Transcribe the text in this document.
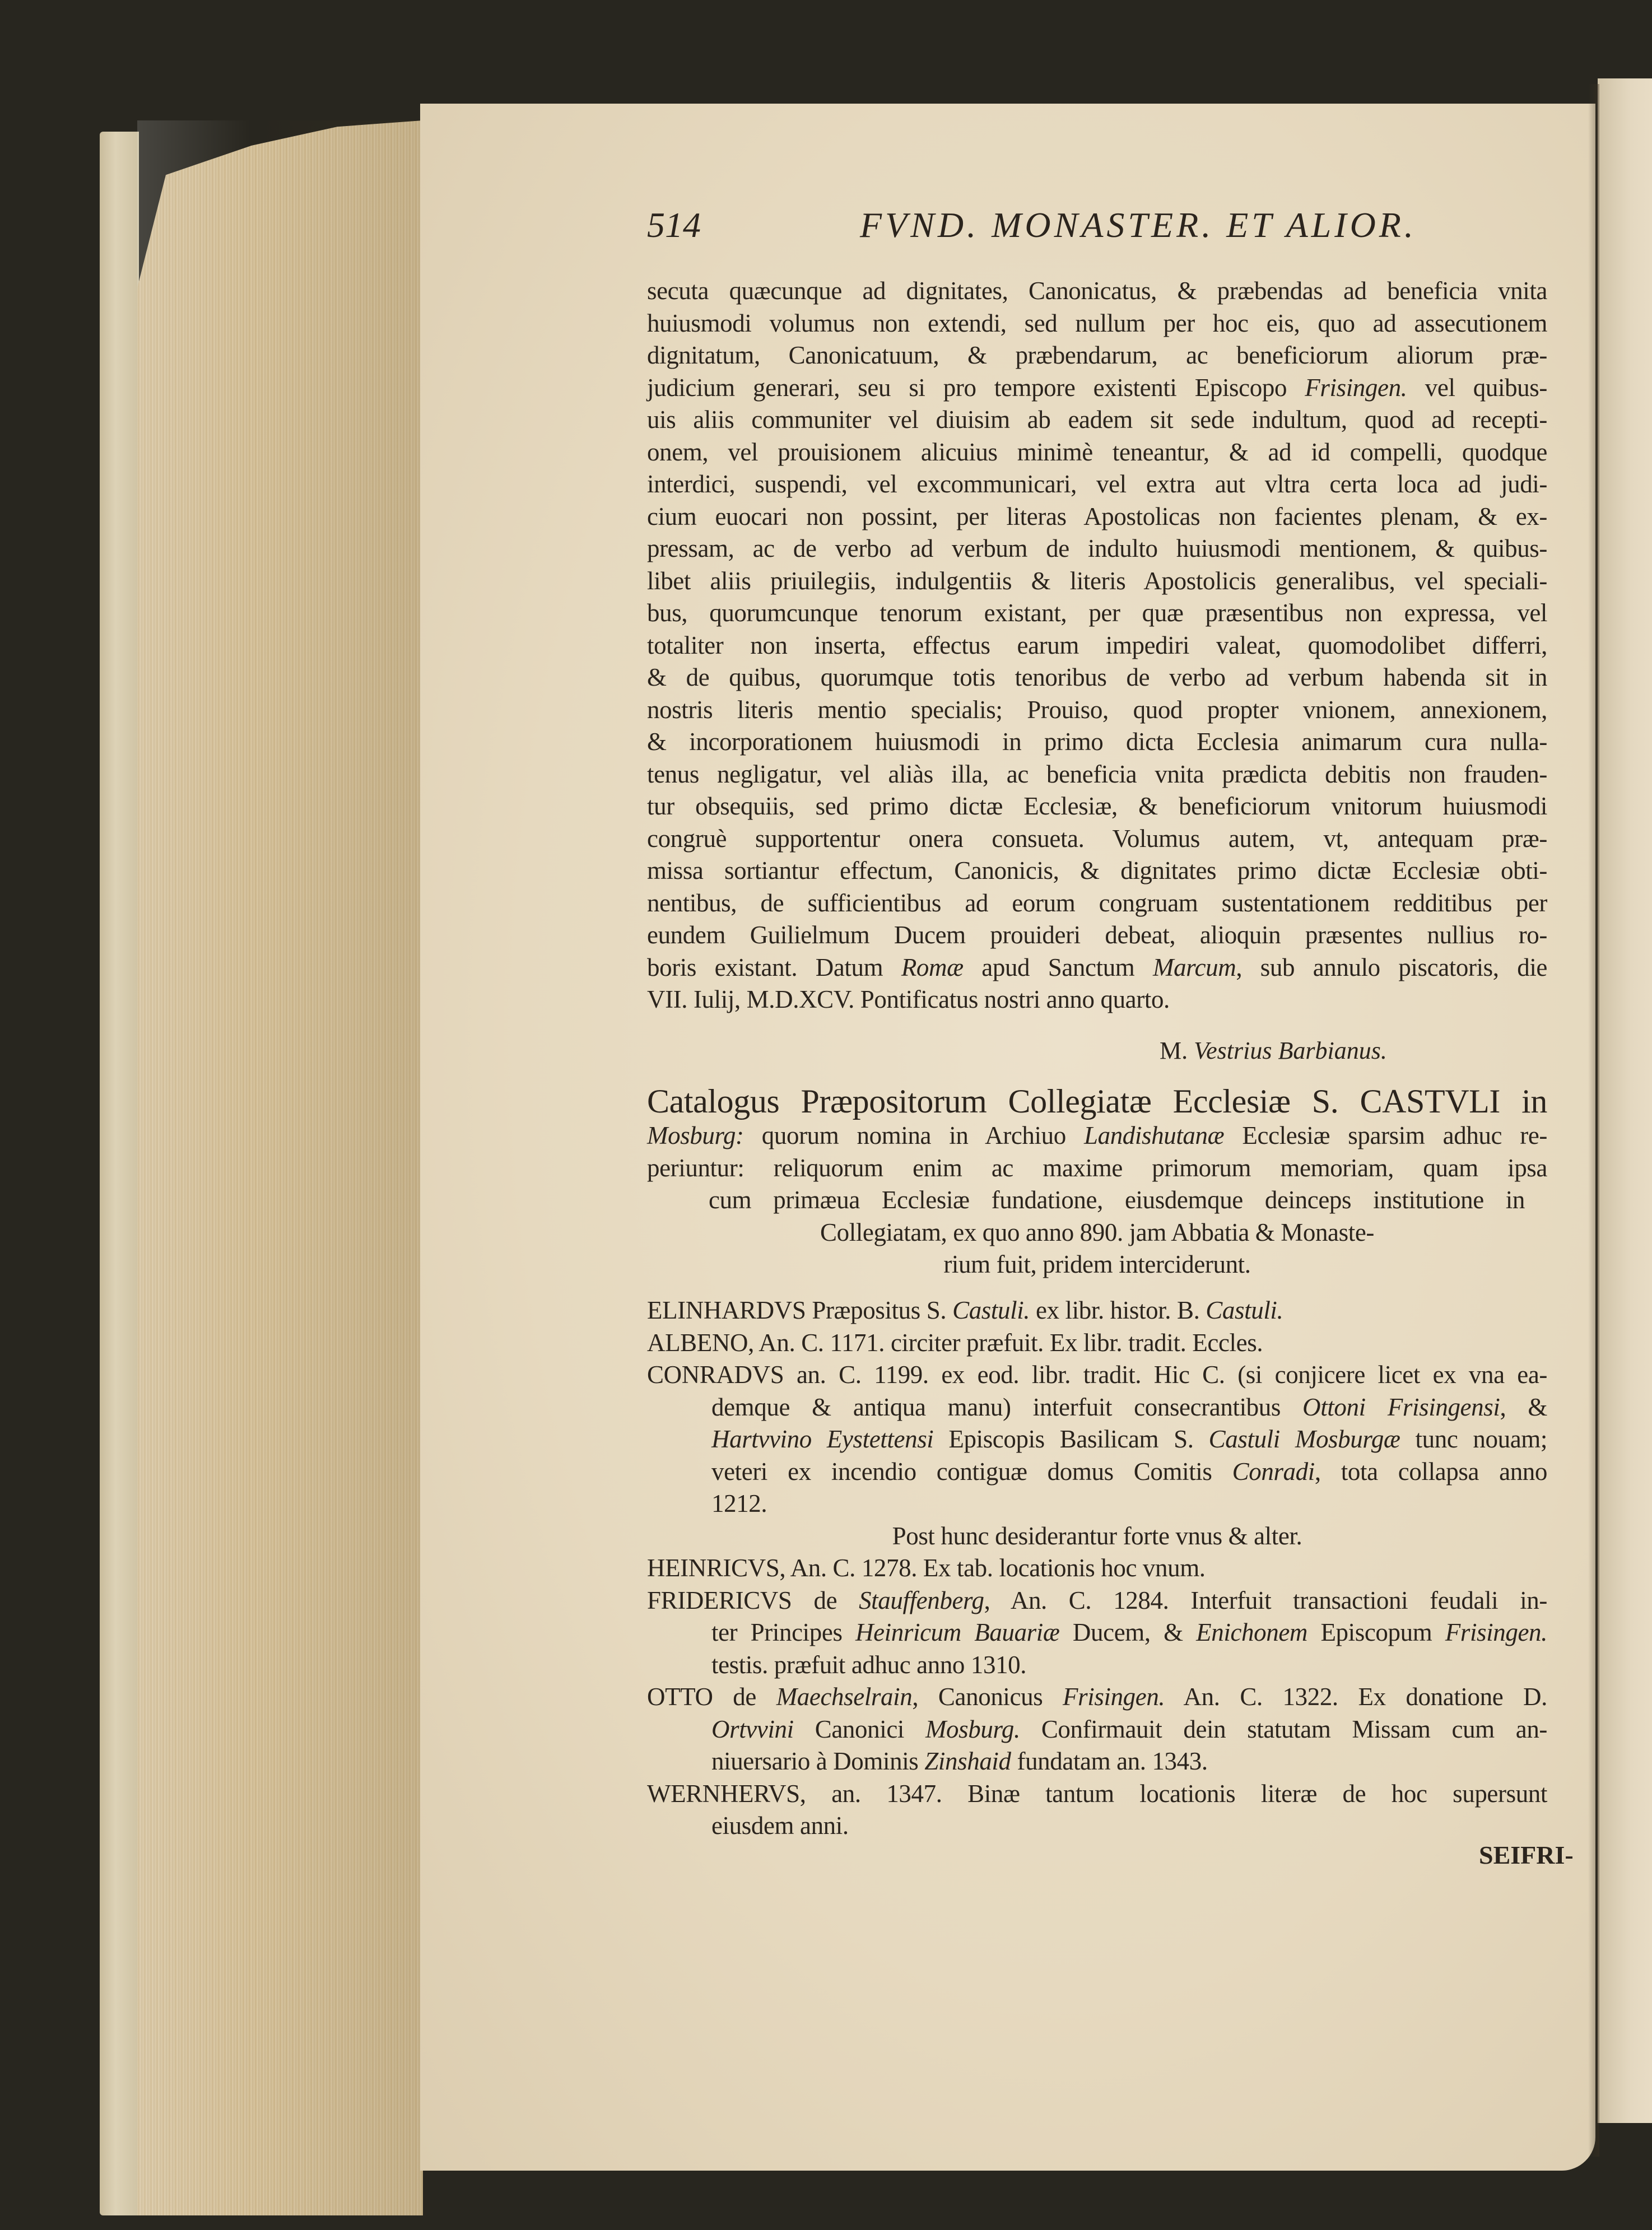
514	FVND. MONASTER. ET ALIOR.
secuta quæcunque ad dignitates, Canonicatus, & præbendas ad beneficia vnita
huiusmodi volumus non extendi, sed nullum per hoc eis, quo ad assecutionem
dignitatum, Canonicatuum, & præbendarum, ac beneficiorum aliorum præ-
judicium generari, seu si pro tempore existenti Episcopo Frisingen. vel quibus-
uis aliis communiter vel diuisim ab eadem sit sede indultum, quod ad recepti-
onem, vel prouisionem alicuius minimè teneantur, & ad id compelli, quodque
interdici, suspendi, vel excommunicari, vel extra aut vltra certa loca ad judi-
cium euocari non possint, per literas Apostolicas non facientes plenam, & ex-
pressam, ac de verbo ad verbum de indulto huiusmodi mentionem, & quibus-
libet aliis priuilegiis, indulgentiis & literis Apostolicis generalibus, vel speciali-
bus, quorumcunque tenorum existant, per quæ præsentibus non expressa, vel
totaliter non inserta, effectus earum impediri valeat, quomodolibet differri,
& de quibus, quorumque totis tenoribus de verbo ad verbum habenda sit in
nostris literis mentio specialis; Prouiso, quod propter vnionem, annexionem,
& incorporationem huiusmodi in primo dicta Ecclesia animarum cura nulla-
tenus negligatur, vel aliàs illa, ac beneficia vnita prædicta debitis non frauden-
tur obsequiis, sed primo dictæ Ecclesiæ, & beneficiorum vnitorum huiusmodi
congruè supportentur onera consueta. Volumus autem, vt, antequam præ-
missa sortiantur effectum, Canonicis, & dignitates primo dictæ Ecclesiæ obti-
nentibus, de sufficientibus ad eorum congruam sustentationem redditibus per
eundem Guilielmum Ducem prouideri debeat, alioquin præsentes nullius ro-
boris existant. Datum Romæ apud Sanctum Marcum, sub annulo piscatoris, die
VII. Iulij, M.D.XCV. Pontificatus nostri anno quarto.
M. Vestrius Barbianus.
Catalogus Præpositorum Collegiatæ Ecclesiæ S. CASTVLI in
Mosburg: quorum nomina in Archiuo Landishutanæ Ecclesiæ sparsim adhuc re-
periuntur: reliquorum enim ac maxime primorum memoriam, quam ipsa
cum primæua Ecclesiæ fundatione, eiusdemque deinceps institutione in
Collegiatam, ex quo anno 890. jam Abbatia & Monaste-
rium fuit, pridem interciderunt.
ELINHARDVS Præpositus S. Castuli. ex libr. histor. B. Castuli.
ALBENO, An. C. 1171. circiter præfuit. Ex libr. tradit. Eccles.
CONRADVS an. C. 1199. ex eod. libr. tradit. Hic C. (si conjicere licet ex vna ea-
demque & antiqua manu) interfuit consecrantibus Ottoni Frisingensi, &
Hartvvino Eystettensi Episcopis Basilicam S. Castuli Mosburgæ tunc nouam;
veteri ex incendio contiguæ domus Comitis Conradi, tota collapsa anno
1212.
Post hunc desiderantur forte vnus & alter.
HEINRICVS, An. C. 1278. Ex tab. locationis hoc vnum.
FRIDERICVS de Stauffenberg, An. C. 1284. Interfuit transactioni feudali in-
ter Principes Heinricum Bauariæ Ducem, & Enichonem Episcopum Frisingen.
testis. præfuit adhuc anno 1310.
OTTO de Maechselrain, Canonicus Frisingen. An. C. 1322. Ex donatione D.
Ortvvini Canonici Mosburg. Confirmauit dein statutam Missam cum an-
niuersario à Dominis Zinshaid fundatam an. 1343.
WERNHERVS, an. 1347. Binæ tantum locationis literæ de hoc supersunt
eiusdem anni.
SEIFRI-
